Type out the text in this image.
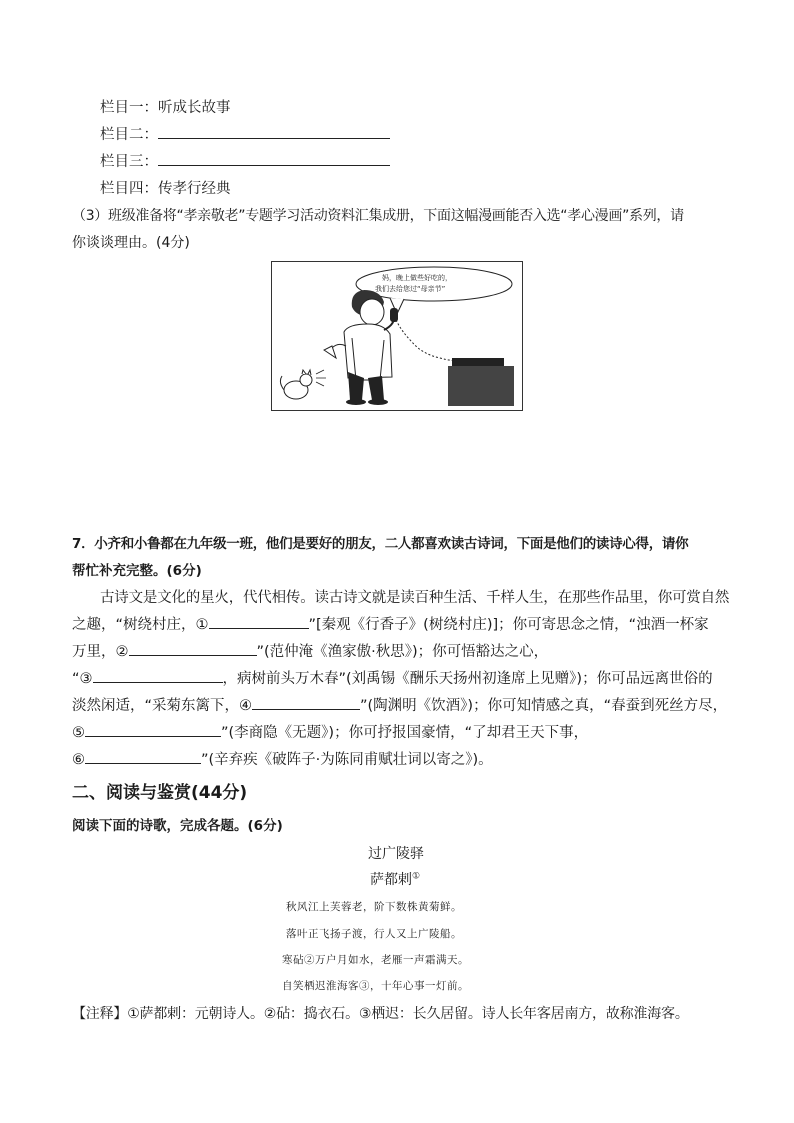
栏目一：听成长故事
栏目二：
栏目三：
栏目四：传孝行经典
（3）班级准备将“孝亲敬老”专题学习活动资料汇集成册，下面这幅漫画能否入选“孝心漫画”系列，请
你谈谈理由。(4分)
妈，晚上做些好吃的，
我们去给您过“母亲节”
7．小齐和小鲁都在九年级一班，他们是要好的朋友，二人都喜欢读古诗词，下面是他们的读诗心得，请你
帮忙补充完整。(6分)
古诗文是文化的星火，代代相传。读古诗文就是读百种生活、千样人生，在那些作品里，你可赏自然
之趣，“树绕村庄，①	”[秦观《行香子》(树绕村庄)]；你可寄思念之情，“浊酒一杯家
万里，②	”(范仲淹《渔家傲·秋思》)；你可悟豁达之心，
“③	，病树前头万木春”(刘禹锡《酬乐天扬州初逢席上见赠》)；你可品远离世俗的
淡然闲适，“采菊东篱下，④	”(陶渊明《饮酒》)；你可知情感之真，“春蚕到死丝方尽，
⑤	”(李商隐《无题》)；你可抒报国豪情，“了却君王天下事，
⑥	”(辛弃疾《破阵子·为陈同甫赋壮词以寄之》)。
二、阅读与鉴赏(44分)
阅读下面的诗歌，完成各题。(6分)
过广陵驿
萨都剌①
秋风江上芙蓉老，阶下数株黄菊鲜。
落叶正飞扬子渡，行人又上广陵船。
寒砧②万户月如水，老雁一声霜满天。
自笑栖迟淮海客③，十年心事一灯前。
【注释】①萨都剌：元朝诗人。②砧：捣衣石。③栖迟：长久居留。诗人长年客居南方，故称淮海客。
